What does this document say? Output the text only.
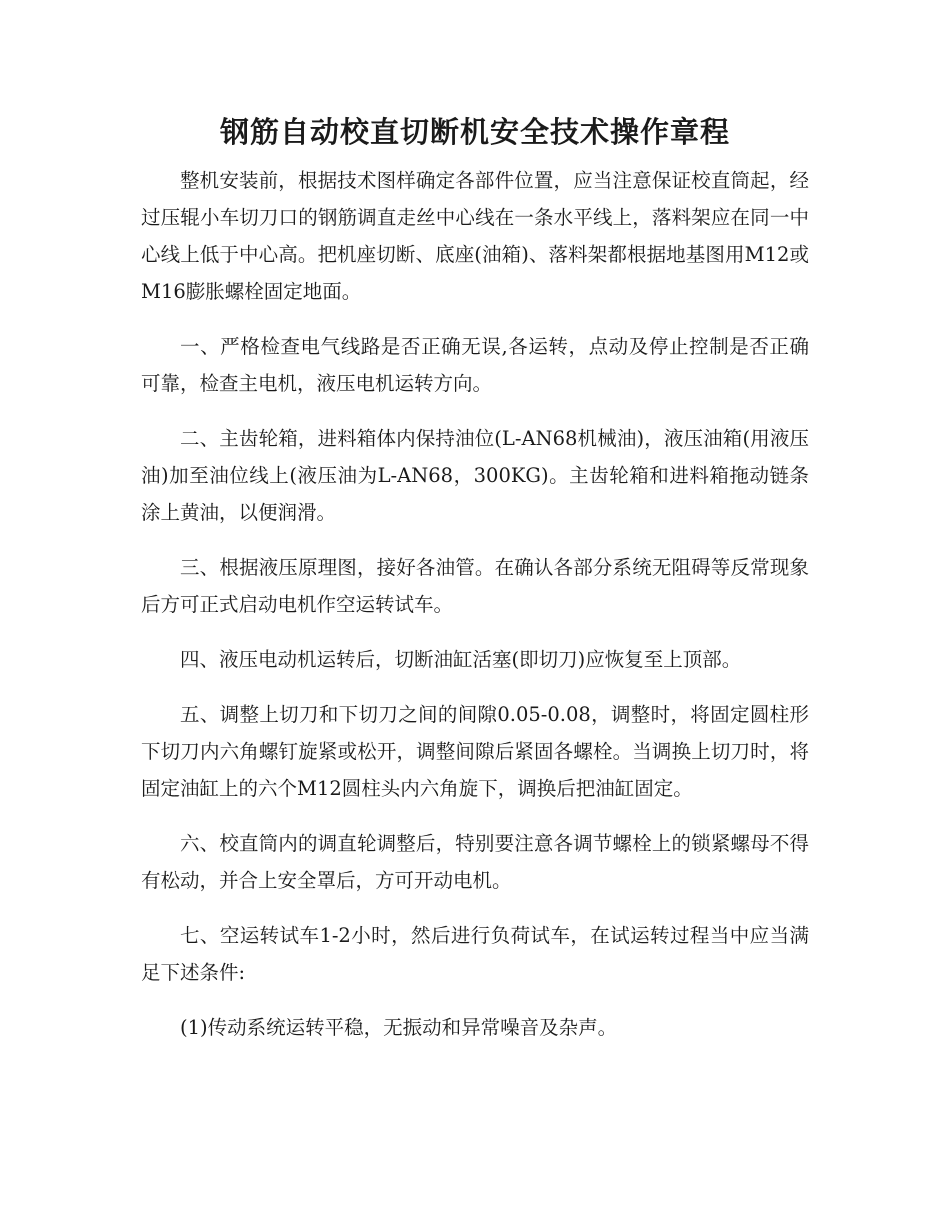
钢筋自动校直切断机安全技术操作章程

整机安装前，根据技术图样确定各部件位置，应当注意保证校直筒起，经过压辊小车切刀口的钢筋调直走丝中心线在一条水平线上，落料架应在同一中心线上低于中心高。把机座切断、底座(油箱)、落料架都根据地基图用M12或M16膨胀螺栓固定地面。

一、严格检查电气线路是否正确无误,各运转，点动及停止控制是否正确可靠，检查主电机，液压电机运转方向。

二、主齿轮箱，进料箱体内保持油位(L-AN68机械油)，液压油箱(用液压油)加至油位线上(液压油为L-AN68，300KG)。主齿轮箱和进料箱拖动链条涂上黄油，以便润滑。

三、根据液压原理图，接好各油管。在确认各部分系统无阻碍等反常现象后方可正式启动电机作空运转试车。

四、液压电动机运转后，切断油缸活塞(即切刀)应恢复至上顶部。

五、调整上切刀和下切刀之间的间隙0.05-0.08，调整时，将固定圆柱形下切刀内六角螺钉旋紧或松开，调整间隙后紧固各螺栓。当调换上切刀时，将固定油缸上的六个M12圆柱头内六角旋下，调换后把油缸固定。

六、校直筒内的调直轮调整后，特别要注意各调节螺栓上的锁紧螺母不得有松动，并合上安全罩后，方可开动电机。

七、空运转试车1-2小时，然后进行负荷试车，在试运转过程当中应当满足下述条件:

(1)传动系统运转平稳，无振动和异常噪音及杂声。
